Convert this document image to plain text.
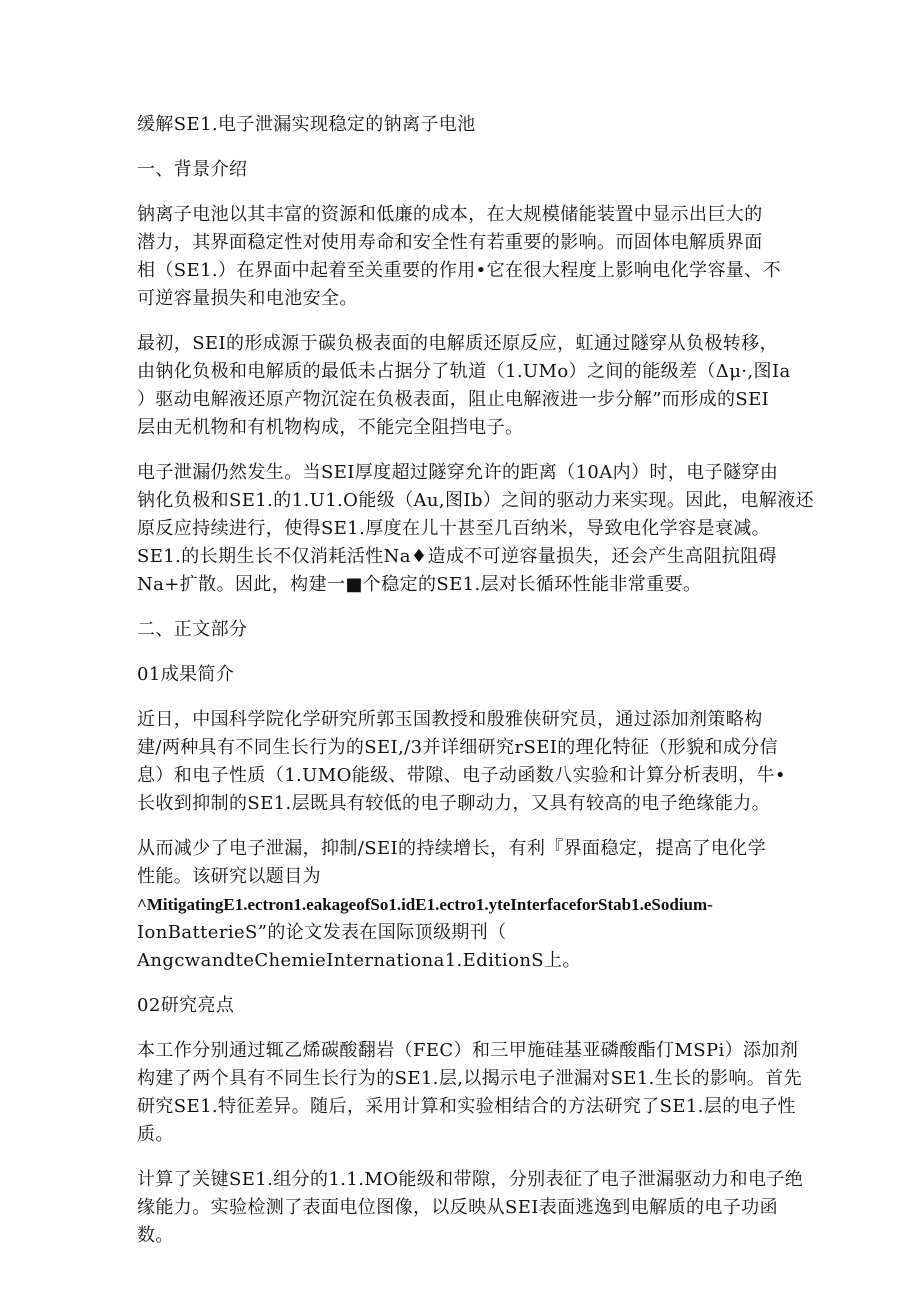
缓解SE1.电子泄漏实现稳定的钠离子电池

一、背景介绍

钠离子电池以其丰富的资源和低廉的成本，在大规模储能装置中显示出巨大的

潜力，其界面稳定性对使用寿命和安全性有若重要的影响。而固体电解质界面

相（SE1.）在界面中起着至关重要的作用•它在很大程度上影响电化学容量、不

可逆容量损失和电池安全。

最初，SEI的形成源于碳负极表面的电解质还原反应，虹通过隧穿从负极转移，

由钠化负极和电解质的最低未占据分了轨道（1.UMo）之间的能级差（Δμ·,图Ia

）驱动电解液还原产物沉淀在负极表面，阻止电解液进一步分解”而形成的SEI

层由无机物和有机物构成，不能完全阻挡电子。

电子泄漏仍然发生。当SEI厚度超过隧穿允许的距离（10A内）时，电子隧穿由

钠化负极和SE1.的1.U1.O能级（Au,图Ib）之间的驱动力来实现。因此，电解液还

原反应持续进行，使得SE1.厚度在儿十甚至几百纳米，导致电化学容是衰减。

SE1.的长期生长不仅消耗活性Na♦造成不可逆容量损失，还会产生高阻抗阻碍

Na+扩散。因此，构建一■个稳定的SE1.层对长循环性能非常重要。

二、正文部分

01成果简介

近日，中国科学院化学研究所郭玉国教授和殷雅侠研究员，通过添加剂策略构

建/两种具有不同生长行为的SEI,/3并详细研究rSEI的理化特征（形貌和成分信

息）和电子性质（1.UMO能级、带隙、电子动函数八实验和计算分析表明，牛•

长收到抑制的SE1.层既具有较低的电子聊动力，又具有较高的电子绝缘能力。

从而减少了电子泄漏，抑制/SEI的持续增长，有利『界面稳定，提高了电化学

性能。该研究以题目为

^MitigatingE1.ectron1.eakageofSo1.idE1.ectro1.yteInterfaceforStab1.eSodium-

IonBatterieS”的论文发表在国际顶级期刊（

AngcwandteChemieInternationa1.EditionS上。

02研究亮点

本工作分别通过辄乙烯碳酸翻岩（FEC）和三甲施硅基亚磷酸酯仃MSPi）添加剂

构建了两个具有不同生长行为的SE1.层,以揭示电子泄漏对SE1.生长的影响。首先

研究SE1.特征差异。随后，采用计算和实验相结合的方法研究了SE1.层的电子性

质。

计算了关键SE1.组分的1.1.MO能级和带隙，分别表征了电子泄漏驱动力和电子绝

缘能力。实验检测了表面电位图像，以反映从SEI表面逃逸到电解质的电子功函

数。
